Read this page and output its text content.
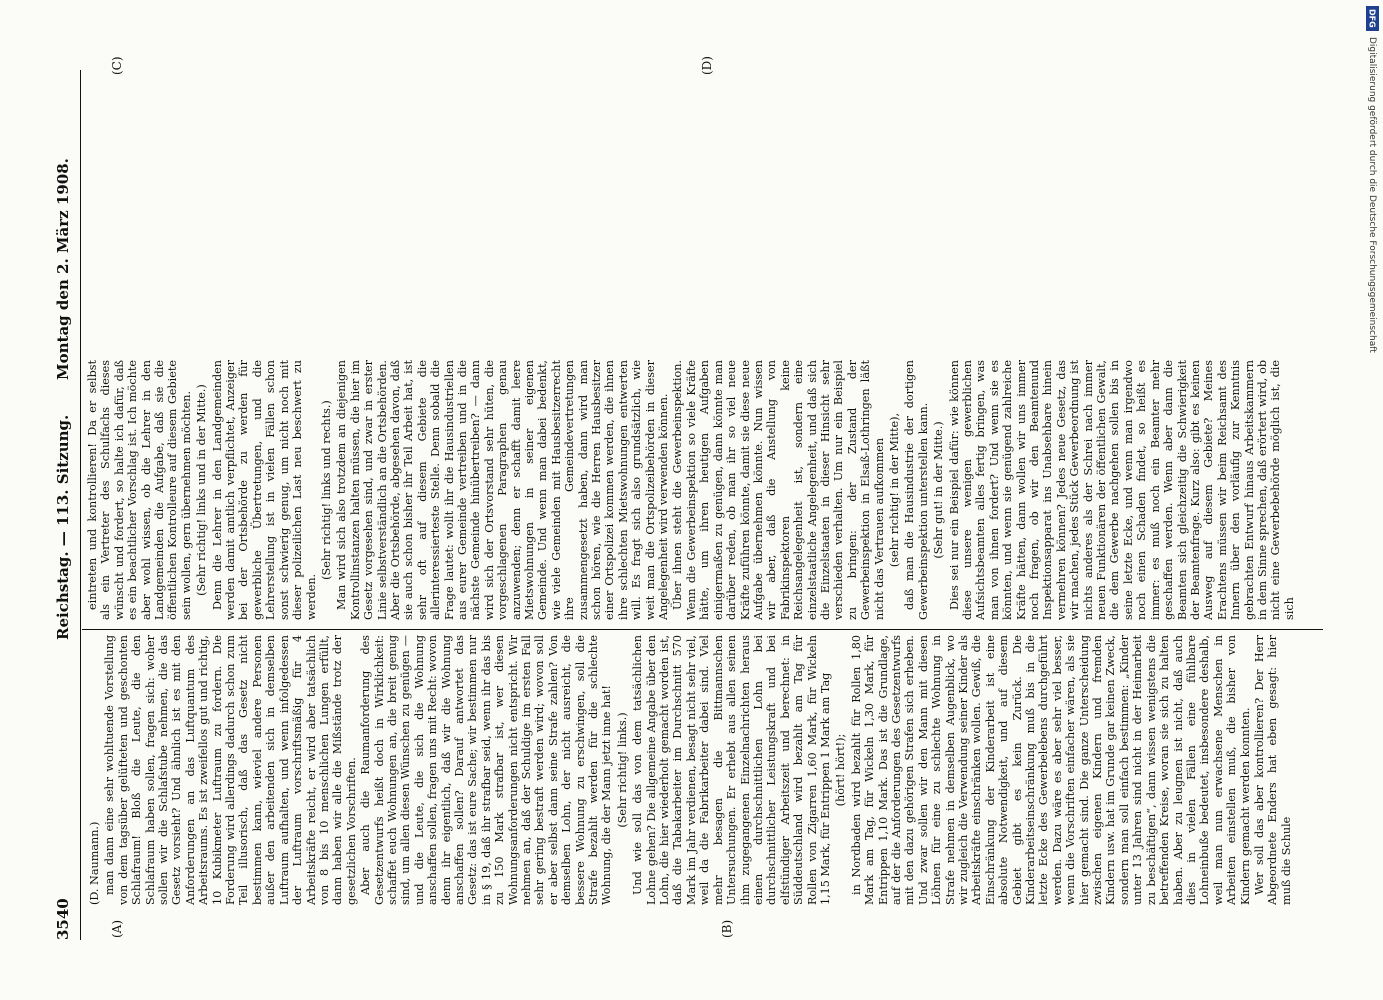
3540
Reichstag. — 113. Sitzung.
Montag den 2. März 1908.
(A)	(B)
(C)	(D)

(D. Naumann.) man dann eine sehr wohltuende Vorstellung von dem tagsüber gelüfteten und geschonten Schlafraum! Bloß die Leute, die den Schlafraum haben sollen, fragen sich: woher sollen wir die Schlafstube nehmen, die das Gesetz vorsieht? Und ähnlich ist es mit den Anforderungen an das Luftquantum des Arbeitsraums. Es ist zweifellos gut und richtig, 10 Kubikmeter Luftraum zu fordern. Die Forderung wird allerdings dadurch schon zum Teil illusorisch, daß das Gesetz nicht bestimmen kann, wieviel andere Personen außer den arbeitenden sich in demselben Luftraum aufhalten, und wenn infolgedessen der Luftraum vorschriftsmäßig für 4 Arbeitskräfte reicht, er wird aber tatsächlich von 8 bis 10 menschlichen Lungen erfüllt, dann haben wir alle die Mißstände trotz der gesetzlichen Vorschriften. Aber auch die Raumanforderung des Gesetzentwurfs heißt doch in Wirklichkeit: schaffet euch Wohnungen an, die breit genug sind, um allen diesen Wünschen zu genügen — und die Leute, die sich die Wohnung anschaffen sollen, fragen uns mit Recht: wovon denn ihr eigentlich, daß wir die Wohnung anschaffen sollen? Darauf antwortet das Gesetz: das ist eure Sache; wir bestimmen nur in § 19, daß ihr strafbar seid, wenn ihr das bis zu 150 Mark strafbar ist, wer diesen Wohnungsanforderungen nicht entspricht. Wir nehmen an, daß der Schuldige im ersten Fall sehr gering bestraft werden wird; wovon soll er aber selbst dann seine Strafe zahlen? Von demselben Lohn, der nicht ausreicht, die bessere Wohnung zu erschwingen, soll die Strafe bezahlt werden für die schlechte Wohnung, die der Mann jetzt inne hat! (Sehr richtig! links.) Und wie soll das von dem tatsächlichen Lohne gehen? Die allgemeine Angabe über den Lohn, die hier wiederholt gemacht worden ist, daß die Tabakarbeiter im Durchschnitt 570 Mark im Jahr verdienen, besagt nicht sehr viel, weil da die Fabrikarbeiter dabei sind. Viel mehr besagen die Bittmannschen Untersuchungen. Er erhebt aus allen seinen ihm zugegangenen Einzelnachrichten heraus einen durchschnittlichen Lohn bei durchschnittlicher Leistungskraft und bei elfstündiger Arbeitszeit und berechnet: in Süddeutschland wird bezahlt am Tag für Rollen von Zigarren 1,60 Mark, für Wickeln 1,15 Mark, für Entrippen 1 Mark am Tag (hört! hört!); in Nordbaden wird bezahlt für Rollen 1,80 Mark am Tag, für Wickeln 1,30 Mark, für Entrippen 1,10 Mark. Das ist die Grundlage, auf der die Anforderungen des Gesetzentwurfs mit den dazu gehörigen Strafen sich erheben. Und zwar sollen wir den Mann mit diesen Löhnen für eine zu schlechte Wohnung in Strafe nehmen in demselben Augenblick, wo wir zugleich die Verwendung seiner Kinder als Arbeitskräfte einschränken wollen. Gewiß, die Einschränkung der Kinderarbeit ist eine absolute Notwendigkeit, und auf diesem Gebiet gibt es kein Zurück. Die Kinderarbeitseinschränkung muß bis in die letzte Ecke des Gewerbelebens durchgeführt werden. Dazu wäre es aber sehr viel besser, wenn die Vorschriften einfacher wären, als sie hier gemacht sind. Die ganze Unterscheidung zwischen eigenen Kindern und fremden Kindern usw. hat im Grunde gar keinen Zweck, sondern man soll einfach bestimmen: „Kinder unter 13 Jahren sind nicht in der Heimarbeit zu beschäftigen“, dann wissen wenigstens die betreffenden Kreise, woran sie sich zu halten haben. Aber zu leugnen ist nicht, daß auch dies in vielen Fällen eine fühlbare Lohneinbuße bedeutet, insbesondere deshalb, weil man nun erwachsene Menschen in Arbeiten einstellen muß, die bisher von Kindern gemacht werden konnten. Wer soll das aber kontrollieren? Der Herr Abgeordnete Enders hat eben gesagt: hier muß die Schule

eintreten und kontrollieren! Da er selbst als ein Vertreter des Schulfachs dieses wünscht und fordert, so halte ich dafür, daß es ein beachtlicher Vorschlag ist. Ich möchte aber wohl wissen, ob die Lehrer in den Landgemeinden die Aufgabe, daß sie die öffentlichen Kontrolleure auf diesem Gebiete sein wollen, gern übernehmen möchten. (Sehr richtig! links und in der Mitte.) Denn die Lehrer in den Landgemeinden werden damit amtlich verpflichtet, Anzeiger bei der Ortsbehörde zu werden für gewerbliche Übertretungen, und die Lehrerstellung ist in vielen Fällen schon sonst schwierig genug, um nicht noch mit dieser polizeilichen Last neu beschwert zu werden.

(Sehr richtig! links und rechts.) Man wird sich also trotzdem an diejenigen Kontrollinstanzen halten müssen, die hier im Gesetz vorgesehen sind, und zwar in erster Linie selbstverständlich an die Ortsbehörden. Aber die Ortsbehörde, abgesehen davon, daß sie auch schon bisher ihr Teil Arbeit hat, ist sehr oft auf diesem Gebiete die allerinteressierteste Stelle. Denn sobald die Frage lautet: wollt ihr die Hausindustriellen aus eurer Gemeinde vertreiben und in die nächste Gemeinde hinübertreiben? — dann wird sich der Ortsvorstand sehr hüten, die vorgeschlagenen Paragraphen genau anzuwenden; denn er schafft damit leere Mietswohnungen in seiner eigenen Gemeinde. Und wenn man dabei bedenkt, wie viele Gemeinden mit Hausbesitzerrecht ihre Gemeindevertretungen zusammengesetzt haben, dann wird man schon hören, wie die Herren Hausbesitzer einer Ortspolizei kommen werden, die ihnen ihre schlechten Mietswohnungen entwerten will. Es fragt sich also grundsätzlich, wie weit man die Ortspolizeibehörden in dieser Angelegenheit wird verwenden können. Über ihnen steht die Gewerbeinspektion. Wenn die Gewerbeinspektion so viele Kräfte hätte, um ihren heutigen Aufgaben einigermaßen zu genügen, dann könnte man darüber reden, ob man ihr so viel neue Kräfte zuführen könnte, damit sie diese neue Aufgabe übernehmen könnte. Nun wissen wir aber, daß die Anstellung von Fabrikinspektoren keine Reichsangelegenheit ist, sondern eine einzelstaatliche Angelegenheit, und daß sich die Einzelstaaten in dieser Hinsicht sehr verschieden verhalten. Um nur ein Beispiel zu bringen: der Zustand der Gewerbeinspektion in Elsaß-Lothringen läßt nicht das Vertrauen aufkommen (sehr richtig! in der Mitte), daß man die Hausindustrie der dortigen Gewerbeinspektion unterstellen kann. (Sehr gut! in der Mitte.) Dies sei nur ein Beispiel dafür: wie können diese unsere wenigen gewerblichen Aufsichtsbeamten alles fertig bringen, was man von ihnen fordert? Und wenn sie es könnten, und wenn sie genügend zahlreiche Kräfte hätten, dann wollen wir uns immer noch fragen, ob wir den Beamtenund Inspektionsapparat ins Unabsehbare hinein vermehren können? Jedes neue Gesetz, das wir machen, jedes Stück Gewerbeordnung ist nichts anderes als der Schrei nach immer neuen Funktionären der öffentlichen Gewalt, die dem Gewerbe nachgehen sollen bis in seine letzte Ecke, und wenn man irgendwo noch einen Schaden findet, so heißt es immer: es muß noch ein Beamter mehr geschaffen werden. Wenn aber dann die Beamten sich gleichzeitig die Schwierigkeit der Beamtenfrage. Kurz also: gibt es keinen Ausweg auf diesem Gebiete? Meines Erachtens müssen wir beim Reichsamt des Innern über den vorläufig zur Kenntnis gebrachten Entwurf hinaus Arbeitskammern in dem Sinne sprechen, daß erörtert wird, ob nicht eine Gewerbebehörde möglich ist, die sich

DFG
Digitalisierung gefördert durch die Deutsche Forschungsgemeinschaft
